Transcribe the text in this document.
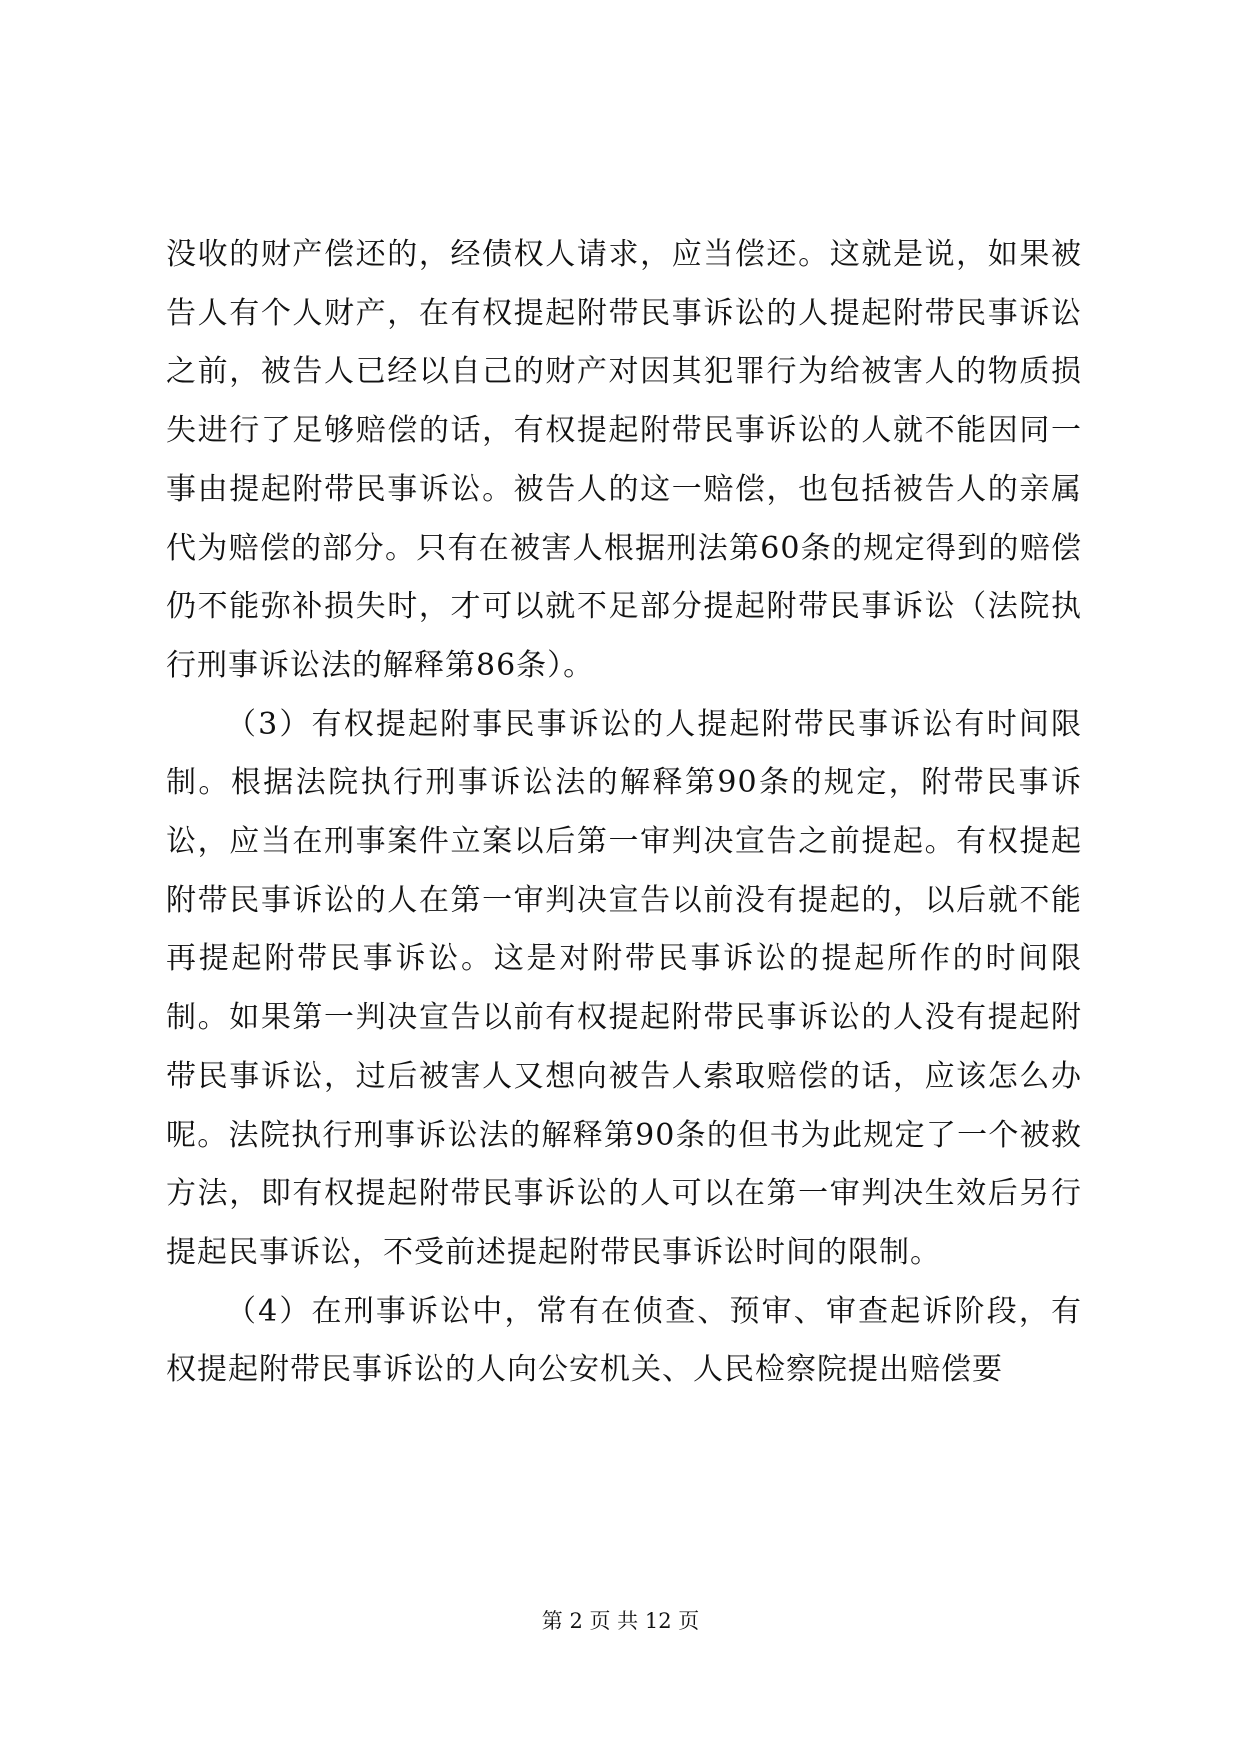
没收的财产偿还的，经债权人请求，应当偿还。这就是说，如果被告人有个人财产，在有权提起附带民事诉讼的人提起附带民事诉讼之前，被告人已经以自己的财产对因其犯罪行为给被害人的物质损失进行了足够赔偿的话，有权提起附带民事诉讼的人就不能因同一事由提起附带民事诉讼。被告人的这一赔偿，也包括被告人的亲属代为赔偿的部分。只有在被害人根据刑法第60条的规定得到的赔偿仍不能弥补损失时，才可以就不足部分提起附带民事诉讼（法院执行刑事诉讼法的解释第86条）。

（3）有权提起附事民事诉讼的人提起附带民事诉讼有时间限制。根据法院执行刑事诉讼法的解释第90条的规定，附带民事诉讼，应当在刑事案件立案以后第一审判决宣告之前提起。有权提起附带民事诉讼的人在第一审判决宣告以前没有提起的，以后就不能再提起附带民事诉讼。这是对附带民事诉讼的提起所作的时间限制。如果第一判决宣告以前有权提起附带民事诉讼的人没有提起附带民事诉讼，过后被害人又想向被告人索取赔偿的话，应该怎么办呢。法院执行刑事诉讼法的解释第90条的但书为此规定了一个被救方法，即有权提起附带民事诉讼的人可以在第一审判决生效后另行提起民事诉讼，不受前述提起附带民事诉讼时间的限制。

（4）在刑事诉讼中，常有在侦查、预审、审查起诉阶段，有权提起附带民事诉讼的人向公安机关、人民检察院提出赔偿要

第 2 页 共 12 页
